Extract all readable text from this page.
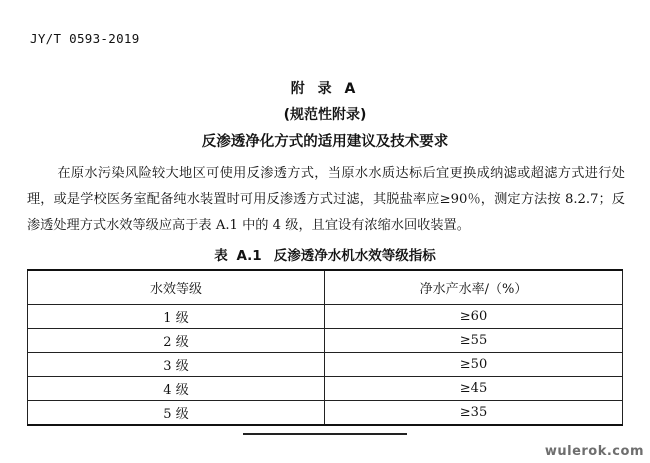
JY/T 0593-2019
附 录 A
(规范性附录)
反渗透净化方式的适用建议及技术要求
在原水污染风险较大地区可使用反渗透方式，当原水水质达标后宜更换成纳滤或超滤方式进行处理，或是学校医务室配备纯水装置时可用反渗透方式过滤，其脱盐率应≥90％，测定方法按 8.2.7；反渗透处理方式水效等级应高于表 A.1 中的 4 级，且宜设有浓缩水回收装置。
表 A.1 反渗透净水机水效等级指标
水效等级	净水产水率/（%）
1 级	≥60
2 级	≥55
3 级	≥50
4 级	≥45
5 级	≥35
wulerok.com
